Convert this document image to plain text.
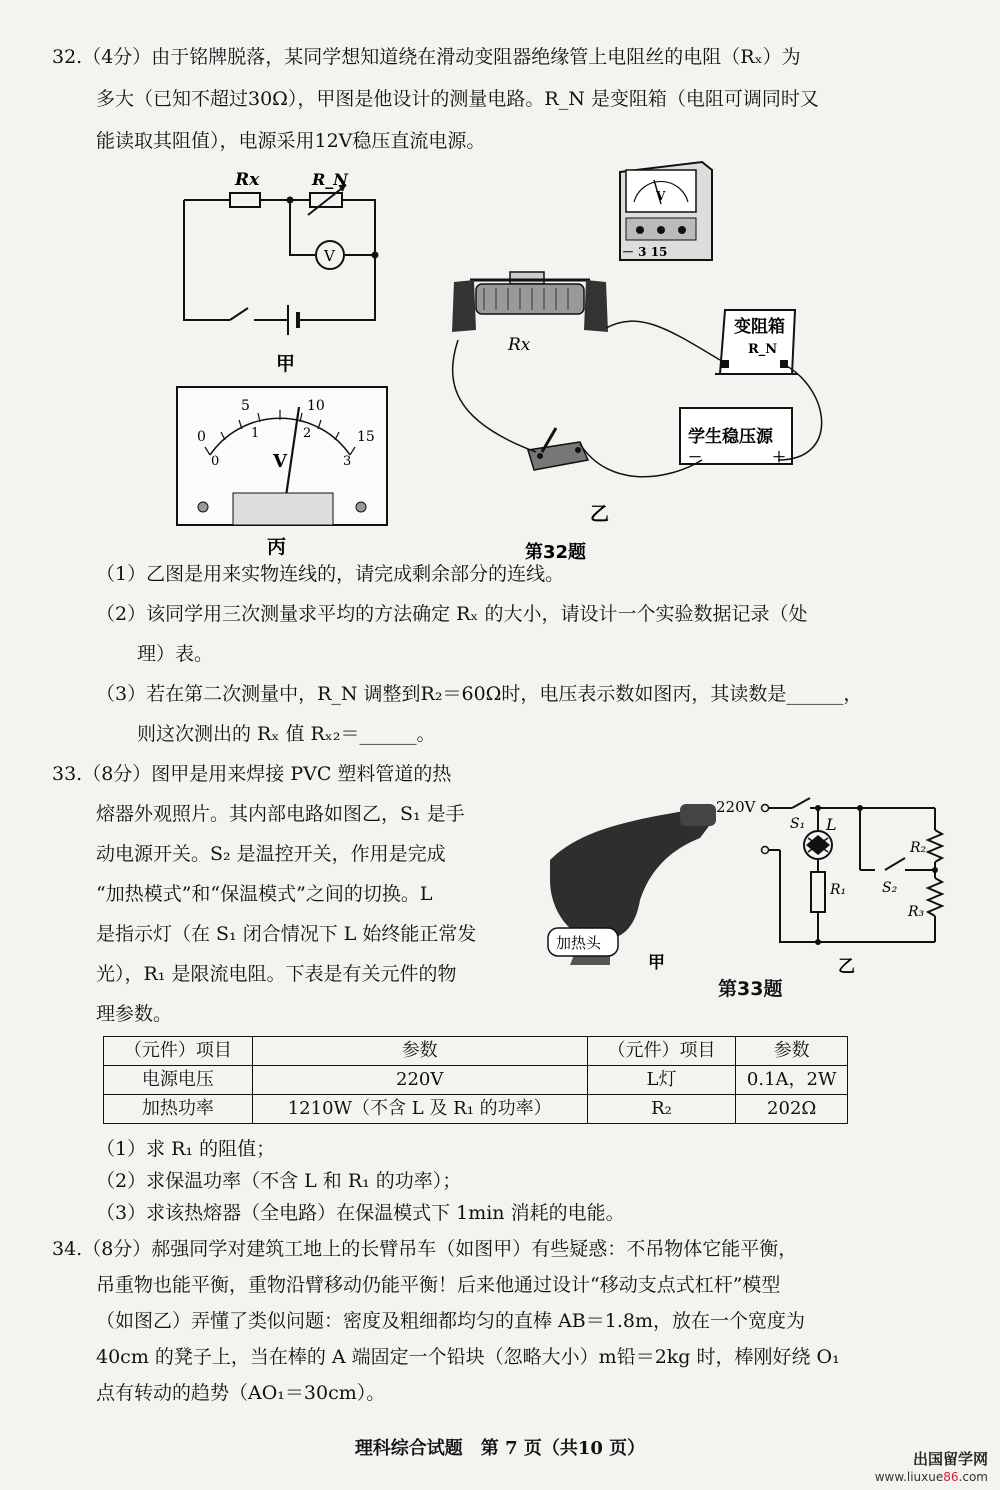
32.（4分）由于铭牌脱落，某同学想知道绕在滑动变阻器绝缘管上电阻丝的电阻（Rₓ）为

多大（已知不超过30Ω），甲图是他设计的测量电路。R_N 是变阻箱（电阻可调同时又

能读取其阻值），电源采用12V稳压直流电源。

Rx	R_N
V
甲
V
－ 3 15
Rx
变阻箱
R_N
学生稳压源
－	＋
乙
第32题
0
5	10
15
0
1	2
3
V
丙

（1）乙图是用来实物连线的，请完成剩余部分的连线。

（2）该同学用三次测量求平均的方法确定 Rₓ 的大小，请设计一个实验数据记录（处

理）表。

（3）若在第二次测量中，R_N 调整到R₂＝60Ω时，电压表示数如图丙，其读数是______，

则这次测出的 Rₓ 值 Rₓ₂＝______。

33.（8分）图甲是用来焊接 PVC 塑料管道的热

熔器外观照片。其内部电路如图乙，S₁ 是手

动电源开关。S₂ 是温控开关，作用是完成

“加热模式”和“保温模式”之间的切换。L

是指示灯（在 S₁ 闭合情况下 L 始终能正常发

光），R₁ 是限流电阻。下表是有关元件的物

理参数。

加热头
甲
220V
S₁ L
R₁	S₂
R₂
R₃
乙

第33题

（元件）项目	参数	（元件）项目	参数
电源电压	220V	L灯	0.1A，2W
加热功率	1210W（不含 L 及 R₁ 的功率）	R₂	202Ω

（1）求 R₁ 的阻值；

（2）求保温功率（不含 L 和 R₁ 的功率）；

（3）求该热熔器（全电路）在保温模式下 1min 消耗的电能。

34.（8分）郝强同学对建筑工地上的长臂吊车（如图甲）有些疑惑：不吊物体它能平衡，

吊重物也能平衡，重物沿臂移动仍能平衡！后来他通过设计“移动支点式杠杆”模型

（如图乙）弄懂了类似问题：密度及粗细都均匀的直棒 AB＝1.8m，放在一个宽度为

40cm 的凳子上，当在棒的 A 端固定一个铅块（忽略大小）m铅＝2kg 时，棒刚好绕 O₁

点有转动的趋势（AO₁＝30cm）。

理科综合试题　第 7 页（共10 页）	出国留学网
www.liuxue86.com
